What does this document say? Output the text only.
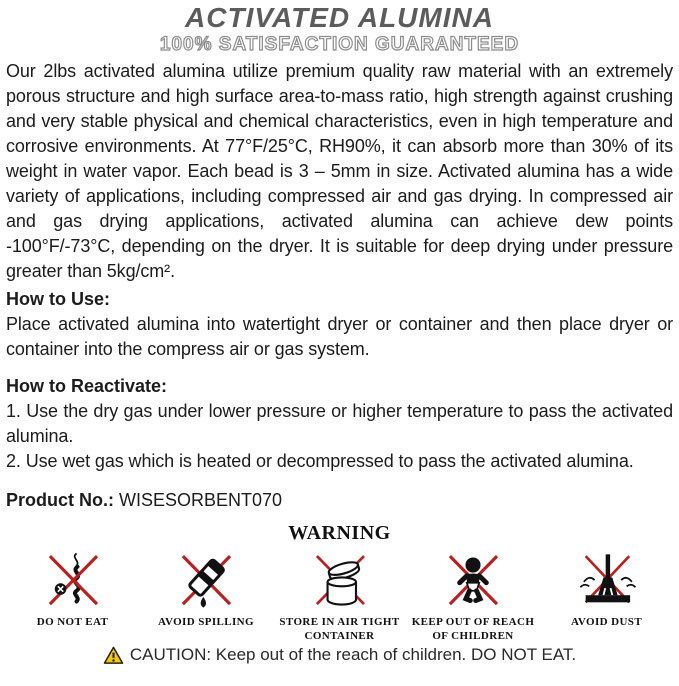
ACTIVATED ALUMINA
100% SATISFACTION GUARANTEED

Our 2lbs activated alumina utilize premium quality raw material with an extremely porous structure and high surface area-to-mass ratio, high strength against crushing and very stable physical and chemical characteristics, even in high temperature and corrosive environments. At 77°F/25°C, RH90%, it can absorb more than 30% of its weight in water vapor. Each bead is 3 – 5mm in size. Activated alumina has a wide variety of applications, including compressed air and gas drying. In compressed air and gas drying applications, activated alumina can achieve dew points -100°F/-73°C, depending on the dryer. It is suitable for deep drying under pressure greater than 5kg/cm².

How to Use:

Place activated alumina into watertight dryer or container and then place dryer or container into the compress air or gas system.

How to Reactivate:

1. Use the dry gas under lower pressure or higher temperature to pass the activated alumina.

2. Use wet gas which is heated or decompressed to pass the activated alumina.

Product No.: WISESORBENT070
WARNING
DO NOT EAT	AVOID SPILLING	STORE IN AIR TIGHT CONTAINER
KEEP OUT OF REACH OF CHILDREN
AVOID DUST
CAUTION: Keep out of the reach of children. DO NOT EAT.
